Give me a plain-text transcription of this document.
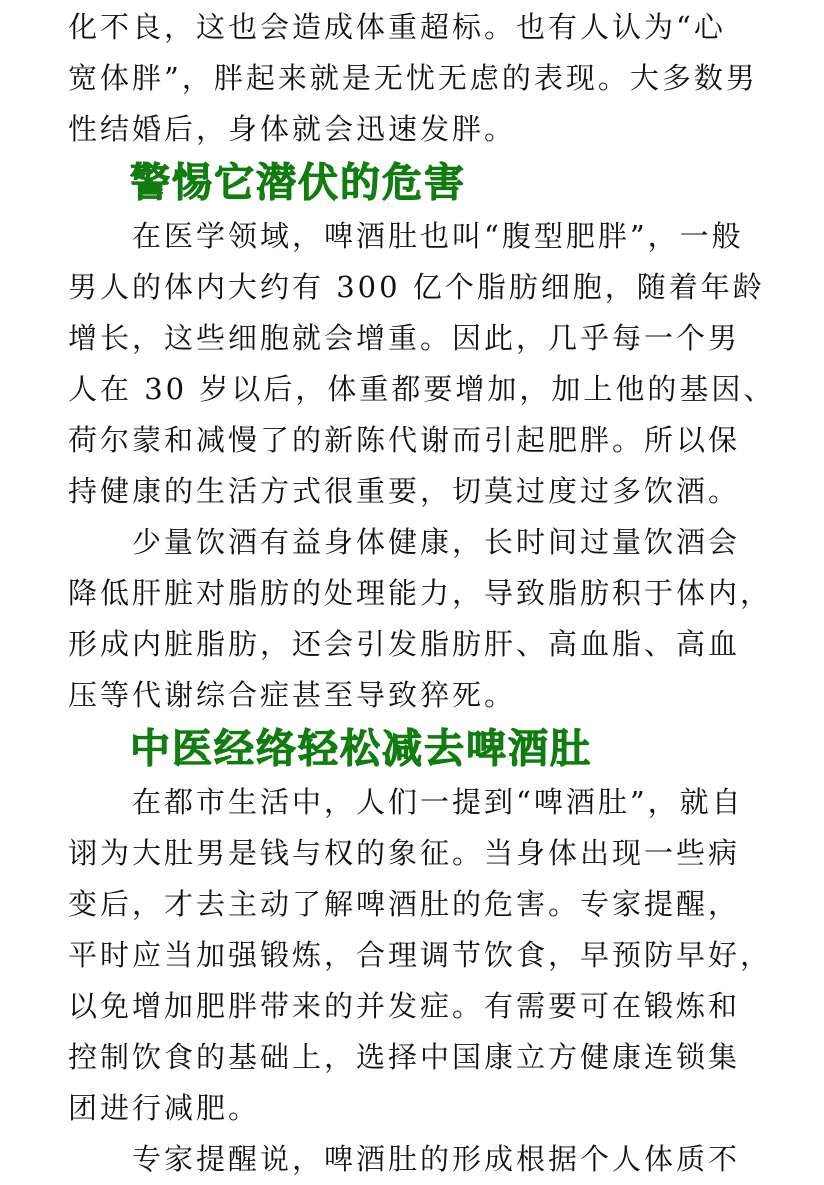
化不良，这也会造成体重超标。也有人认为“心
宽体胖”，胖起来就是无忧无虑的表现。大多数男
性结婚后，身体就会迅速发胖。
警惕它潜伏的危害
　　在医学领域，啤酒肚也叫“腹型肥胖”，一般
男人的体内大约有 300 亿个脂肪细胞，随着年龄
增长，这些细胞就会增重。因此，几乎每一个男
人在 30 岁以后，体重都要增加，加上他的基因、
荷尔蒙和减慢了的新陈代谢而引起肥胖。所以保
持健康的生活方式很重要，切莫过度过多饮酒。
　　少量饮酒有益身体健康，长时间过量饮酒会
降低肝脏对脂肪的处理能力，导致脂肪积于体内，
形成内脏脂肪，还会引发脂肪肝、高血脂、高血
压等代谢综合症甚至导致猝死。
中医经络轻松减去啤酒肚
　　在都市生活中，人们一提到“啤酒肚”，就自
诩为大肚男是钱与权的象征。当身体出现一些病
变后，才去主动了解啤酒肚的危害。专家提醒，
平时应当加强锻炼，合理调节饮食，早预防早好，
以免增加肥胖带来的并发症。有需要可在锻炼和
控制饮食的基础上，选择中国康立方健康连锁集
团进行减肥。
　　专家提醒说，啤酒肚的形成根据个人体质不
